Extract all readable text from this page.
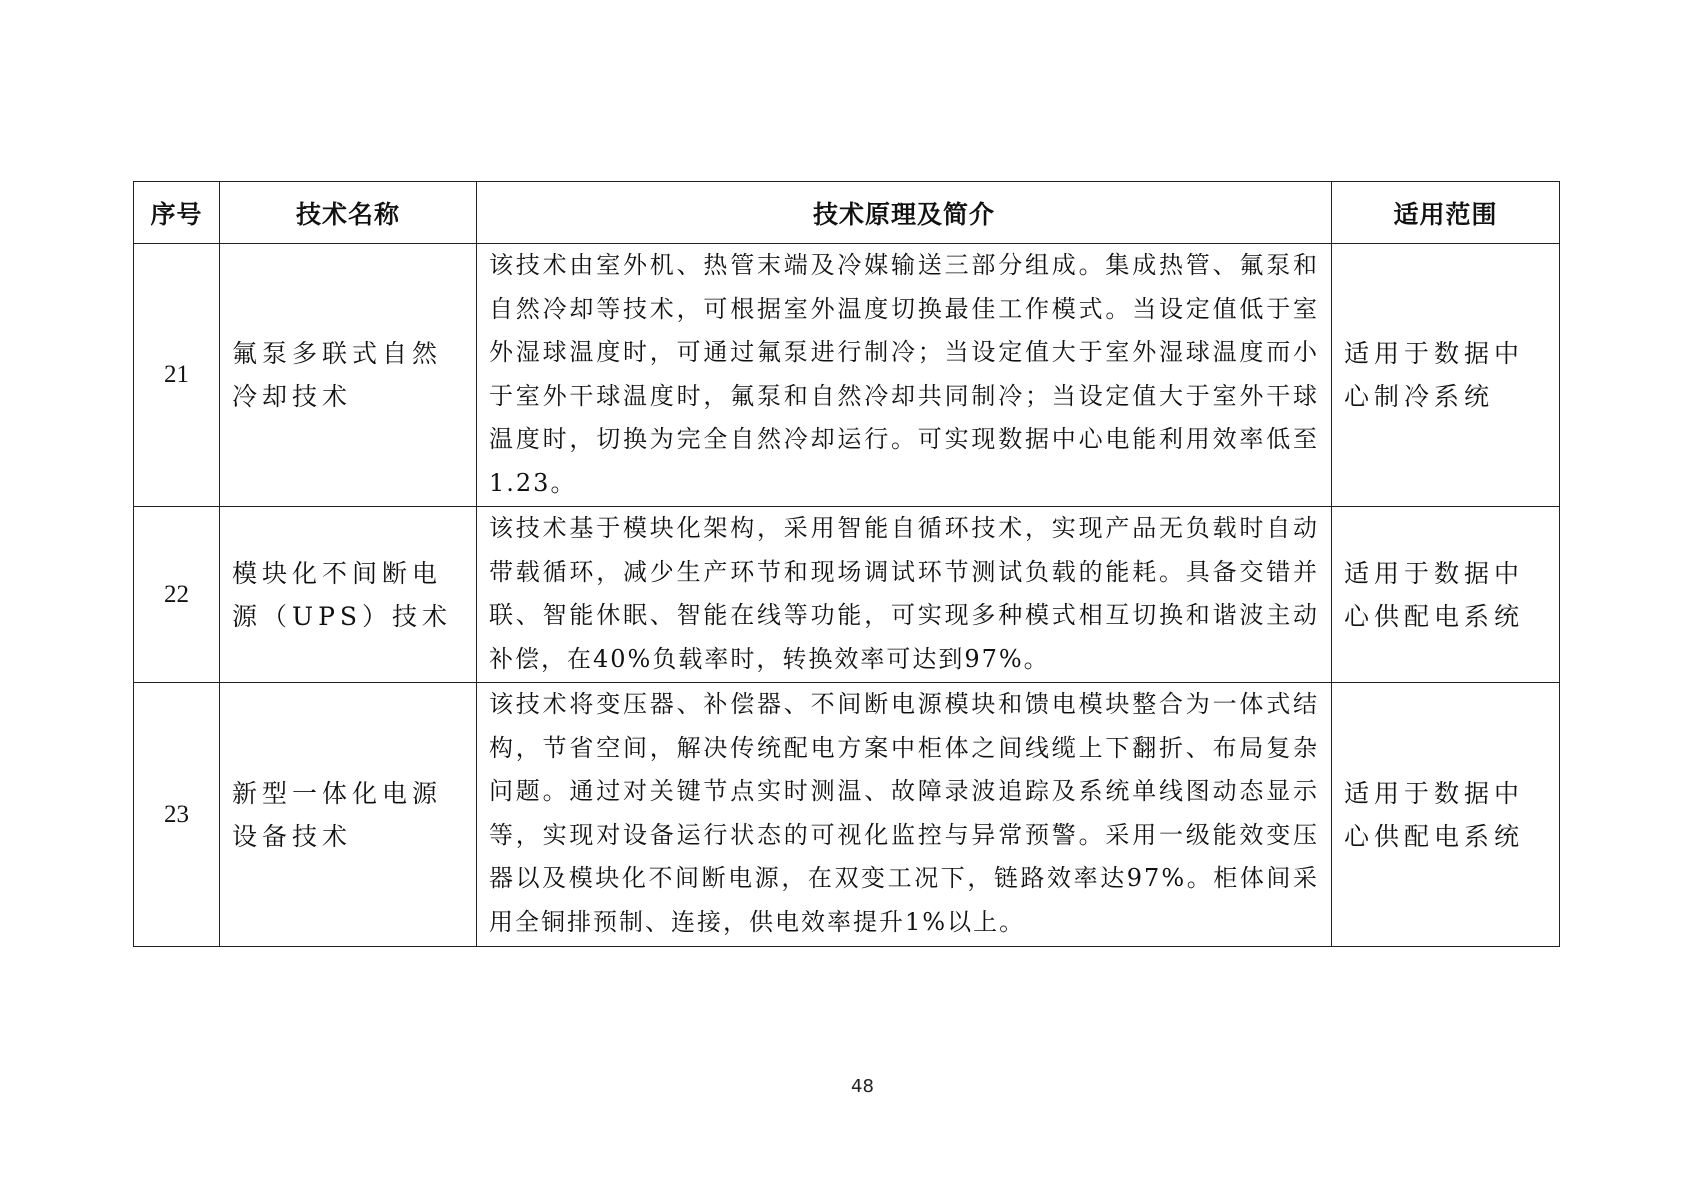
序号	技术名称	技术原理及简介	适用范围
21	氟泵多联式自然冷却技术	该技术由室外机、热管末端及冷媒输送三部分组成。集成热管、氟泵和自然冷却等技术，可根据室外温度切换最佳工作模式。当设定值低于室外湿球温度时，可通过氟泵进行制冷；当设定值大于室外湿球温度而小于室外干球温度时，氟泵和自然冷却共同制冷；当设定值大于室外干球温度时，切换为完全自然冷却运行。可实现数据中心电能利用效率低至1.23。	适用于数据中心制冷系统
22	模块化不间断电源（UPS）技术	该技术基于模块化架构，采用智能自循环技术，实现产品无负载时自动带载循环，减少生产环节和现场调试环节测试负载的能耗。具备交错并联、智能休眠、智能在线等功能，可实现多种模式相互切换和谐波主动补偿，在40%负载率时，转换效率可达到97%。	适用于数据中心供配电系统
23	新型一体化电源设备技术	该技术将变压器、补偿器、不间断电源模块和馈电模块整合为一体式结构，节省空间，解决传统配电方案中柜体之间线缆上下翻折、布局复杂问题。通过对关键节点实时测温、故障录波追踪及系统单线图动态显示等，实现对设备运行状态的可视化监控与异常预警。采用一级能效变压器以及模块化不间断电源，在双变工况下，链路效率达97%。柜体间采用全铜排预制、连接，供电效率提升1%以上。	适用于数据中心供配电系统
48
